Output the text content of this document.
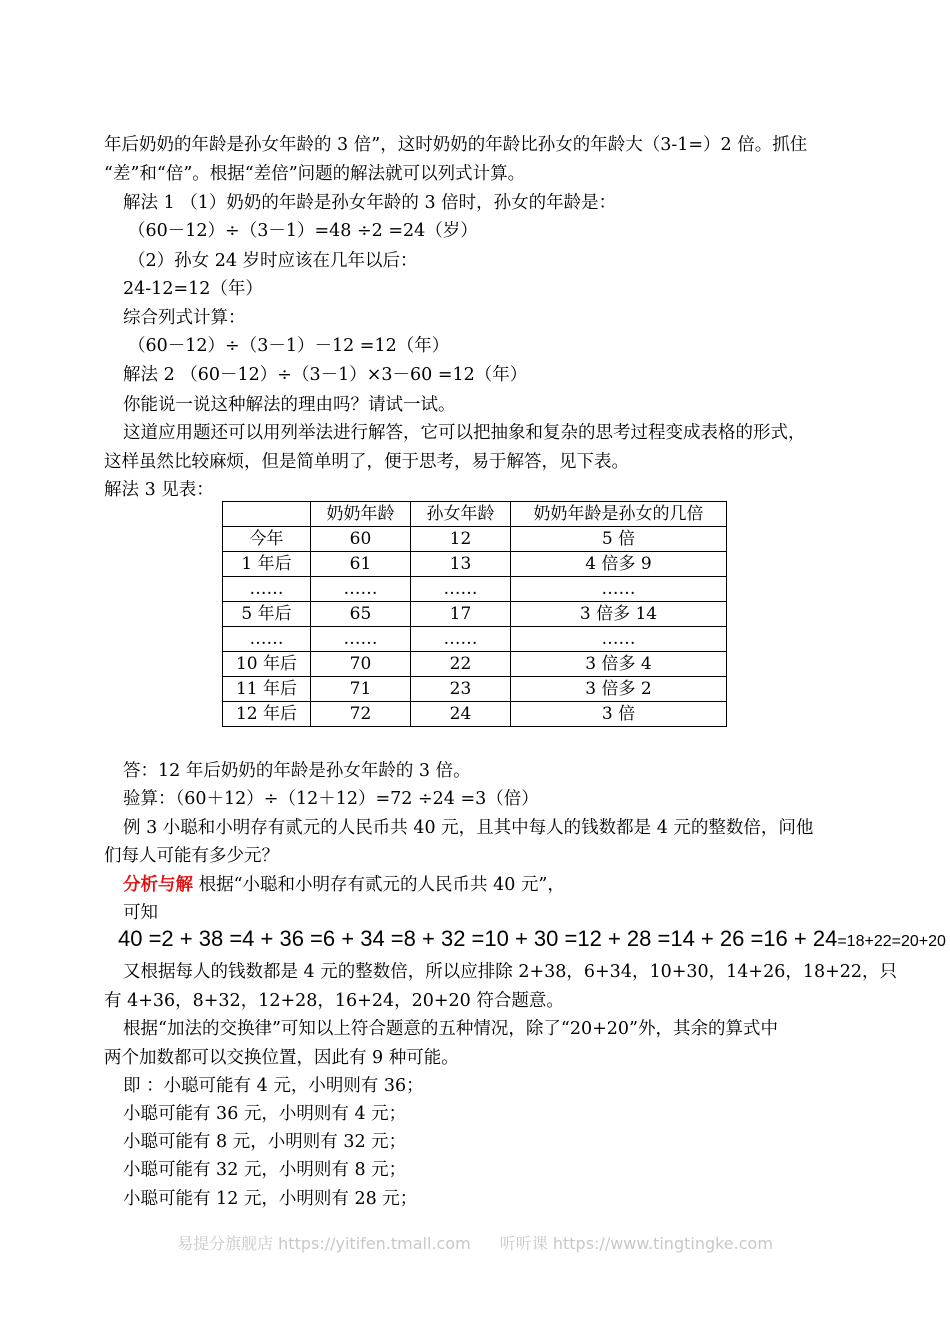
年后奶奶的年龄是孙女年龄的 3 倍”，这时奶奶的年龄比孙女的年龄大（3-1=）2 倍。抓住
“差”和“倍”。根据“差倍”问题的解法就可以列式计算。
解法 1 （1）奶奶的年龄是孙女年龄的 3 倍时，孙女的年龄是：
（60－12）÷（3－1）=48 ÷2 =24（岁）
（2）孙女 24 岁时应该在几年以后：
24-12=12（年）
综合列式计算：
（60－12）÷（3－1）－12 =12（年）
解法 2 （60－12）÷（3－1）×3－60 =12（年）
你能说一说这种解法的理由吗？请试一试。
这道应用题还可以用列举法进行解答，它可以把抽象和复杂的思考过程变成表格的形式，
这样虽然比较麻烦，但是简单明了，便于思考，易于解答，见下表。
解法 3 见表：
	奶奶年龄	孙女年龄	奶奶年龄是孙女的几倍
今年	60	12	5 倍
1 年后	61	13	4 倍多 9
……	……	……	……
5 年后	65	17	3 倍多 14
……	……	……	……
10 年后	70	22	3 倍多 4
11 年后	71	23	3 倍多 2
12 年后	72	24	3 倍
答：12 年后奶奶的年龄是孙女年龄的 3 倍。
验算：（60＋12）÷（12＋12）=72 ÷24 =3（倍）
例 3 小聪和小明存有贰元的人民币共 40 元，且其中每人的钱数都是 4 元的整数倍，问他
们每人可能有多少元？
分析与解 根据“小聪和小明存有贰元的人民币共 40 元”，
可知
40 =2 + 38 =4 + 36 =6 + 34 =8 + 32 =10 + 30 =12 + 28 =14 + 26 =16 + 24=18+22=20+20
又根据每人的钱数都是 4 元的整数倍，所以应排除 2+38，6+34，10+30，14+26，18+22，只
有 4+36，8+32，12+28，16+24，20+20 符合题意。
根据“加法的交换律”可知以上符合题意的五种情况，除了“20+20”外，其余的算式中
两个加数都可以交换位置，因此有 9 种可能。
即 ：小聪可能有 4 元，小明则有 36；
小聪可能有 36 元，小明则有 4 元；
小聪可能有 8 元，小明则有 32 元；
小聪可能有 32 元，小明则有 8 元；
小聪可能有 12 元，小明则有 28 元；
易提分旗舰店 https://yitifen.tmall.com 听听课 https://www.tingtingke.com
